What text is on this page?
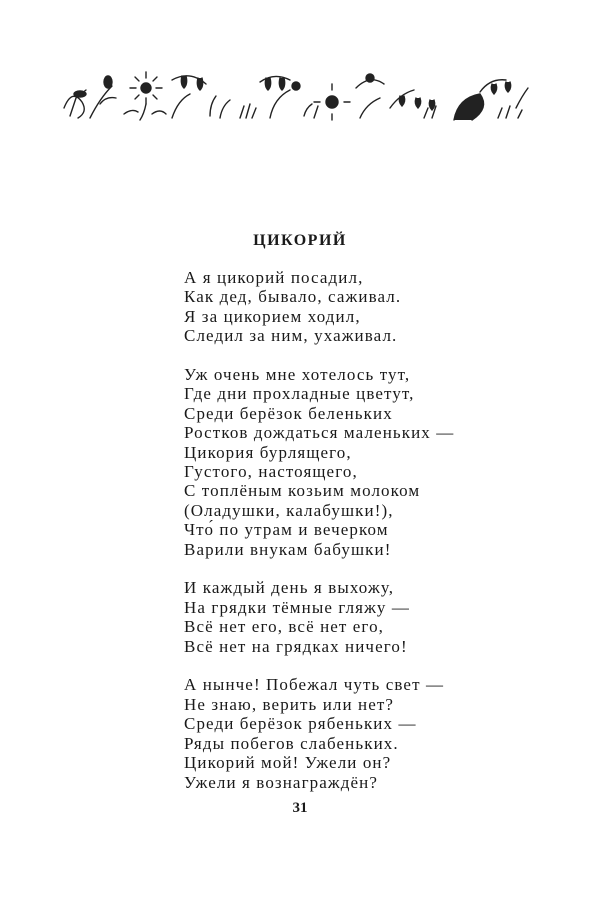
ЦИКОРИЙ

А я цикорий посадил,
Как дед, бывало, саживал.
Я за цикорием ходил,
Следил за ним, ухаживал.

Уж очень мне хотелось тут,
Где дни прохладные цветут,
Среди берёзок беленьких
Ростков дождаться маленьких —
Цикория бурлящего,
Густого, настоящего,
С топлёным козьим молоком
(Оладушки, калабушки!),
Что́ по утрам и вечерком
Варили внукам бабушки!

И каждый день я выхожу,
На грядки тёмные гляжу —
Всё нет его, всё нет его,
Всё нет на грядках ничего!

А нынче! Побежал чуть свет —
Не знаю, верить или нет?
Среди берёзок рябеньких —
Ряды побегов слабеньких.
Цикорий мой! Ужели он?
Ужели я вознаграждён?

31
